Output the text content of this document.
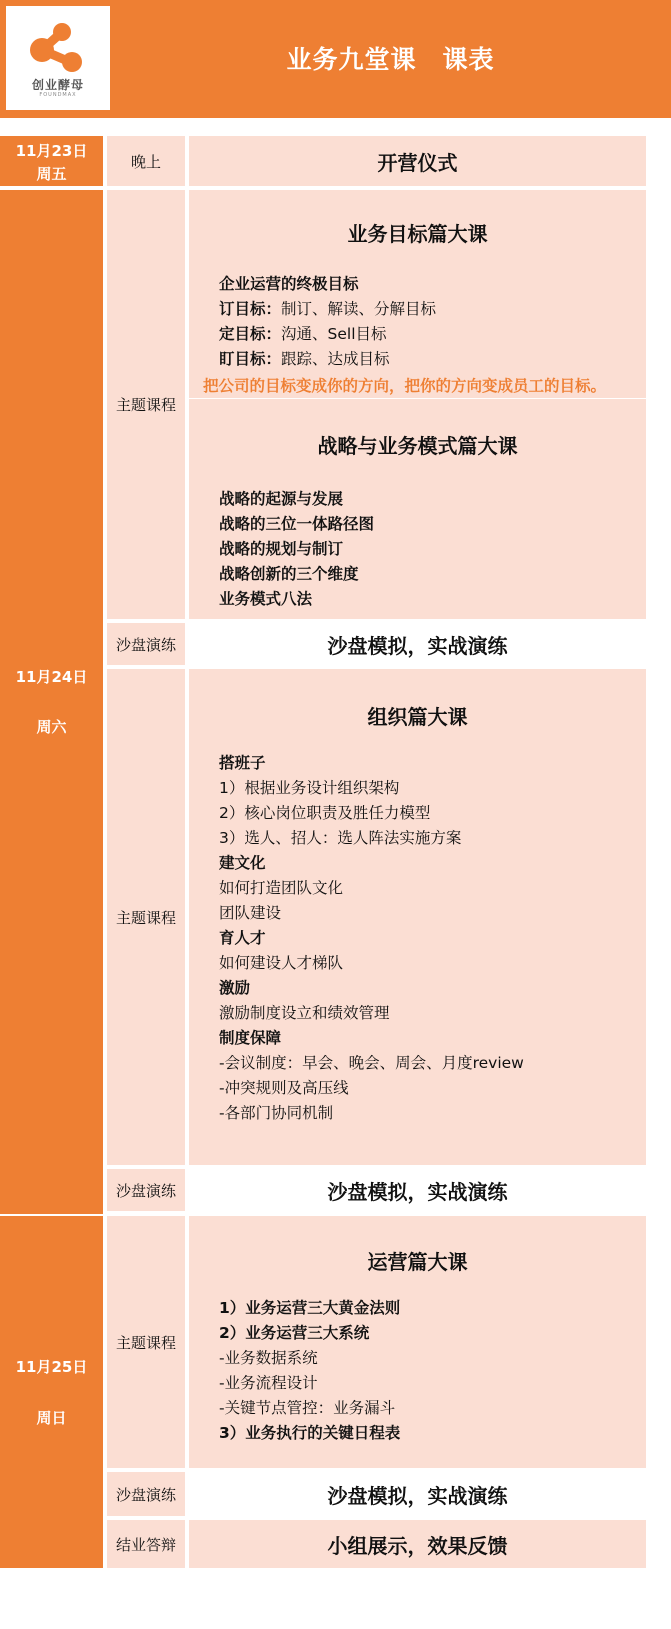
创业酵母
FOUNDMAX
业务九堂课　课表
11月23日
周五
晚上	开营仪式
11月24日
周六
主题课程
业务目标篇大课
企业运营的终极目标
订目标：制订、解读、分解目标
定目标：沟通、Sell目标
盯目标：跟踪、达成目标
把公司的目标变成你的方向，把你的方向变成员工的目标。
战略与业务模式篇大课
战略的起源与发展
战略的三位一体路径图
战略的规划与制订
战略创新的三个维度
业务模式八法
沙盘演练	沙盘模拟，实战演练
主题课程
组织篇大课
搭班子
1）根据业务设计组织架构
2）核心岗位职责及胜任力模型
3）选人、招人：选人阵法实施方案
建文化
如何打造团队文化
团队建设
育人才
如何建设人才梯队
激励
激励制度设立和绩效管理
制度保障
-会议制度：早会、晚会、周会、月度review
-冲突规则及高压线
-各部门协同机制
沙盘演练	沙盘模拟，实战演练
11月25日
周日
主题课程
运营篇大课
1）业务运营三大黄金法则
2）业务运营三大系统
-业务数据系统
-业务流程设计
-关键节点管控：业务漏斗
3）业务执行的关键日程表
沙盘演练	沙盘模拟，实战演练
结业答辩	小组展示，效果反馈
